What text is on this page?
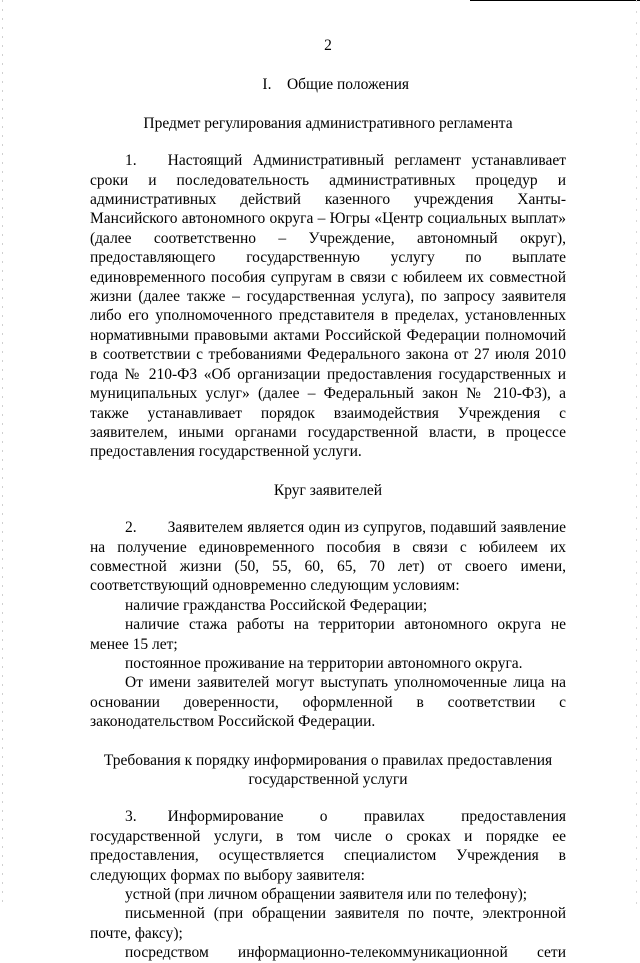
2
I. Общие положения
Предмет регулирования административного регламента

1.  Настоящий Административный регламент устанавливает сроки и последовательность административных процедур и административных действий казенного учреждения Ханты-Мансийского автономного округа – Югры «Центр социальных выплат» (далее соответственно – Учреждение, автономный округ), предоставляющего государственную услугу по выплате единовременного пособия супругам в связи с юбилеем их совместной жизни (далее также – государственная услуга), по запросу заявителя либо его уполномоченного представителя в пределах, установленных нормативными правовыми актами Российской Федерации полномочий в соответствии с требованиями Федерального закона от 27 июля 2010 года № 210-ФЗ «Об организации предоставления государственных и муниципальных услуг» (далее – Федеральный закон № 210-ФЗ), а также устанавливает порядок взаимодействия Учреждения с заявителем, иными органами государственной власти, в процессе предоставления государственной услуги.

Круг заявителей

2.  Заявителем является один из супругов, подавший заявление на получение единовременного пособия в связи с юбилеем их совместной жизни (50, 55, 60, 65, 70 лет) от своего имени, соответствующий одновременно следующим условиям:

наличие гражданства Российской Федерации;

наличие стажа работы на территории автономного округа не менее 15 лет;

постоянное проживание на территории автономного округа.

От имени заявителей могут выступать уполномоченные лица на основании доверенности, оформленной в соответствии с законодательством Российской Федерации.

Требования к порядку информирования о правилах предоставления
государственной услуги

3.  Информирование о правилах предоставления государственной услуги, в том числе о сроках и порядке ее предоставления, осуществляется специалистом Учреждения в следующих формах по выбору заявителя:

устной (при личном обращении заявителя или по телефону);

письменной (при обращении заявителя по почте, электронной почте, факсу);

посредством информационно-телекоммуникационной сети
